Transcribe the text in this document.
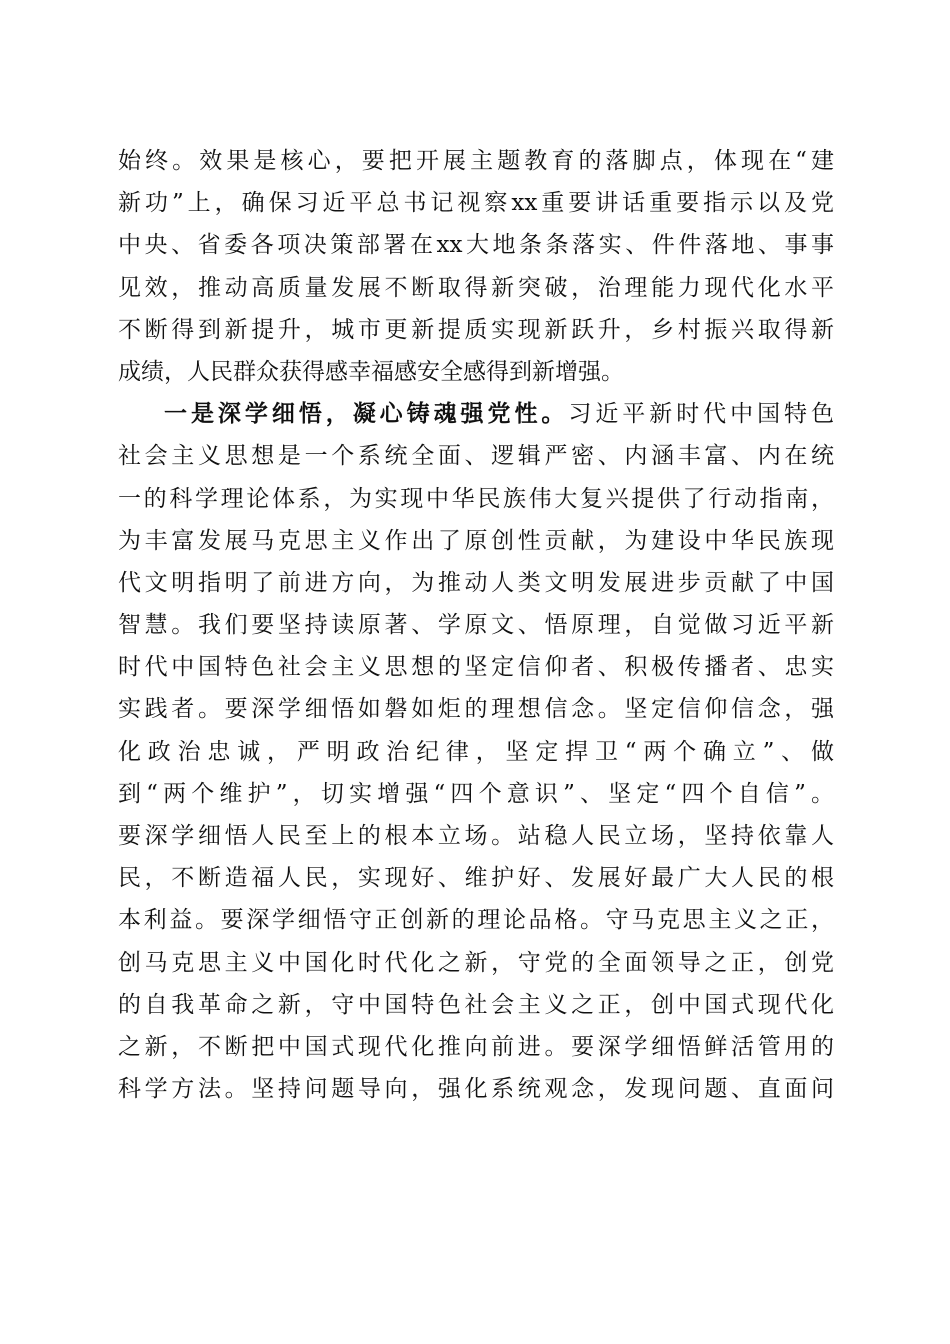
始终。效果是核心，要把开展主题教育的落脚点，体现在“建
新功”上，确保习近平总书记视察xx重要讲话重要指示以及党
中央、省委各项决策部署在xx大地条条落实、件件落地、事事
见效，推动高质量发展不断取得新突破，治理能力现代化水平
不断得到新提升，城市更新提质实现新跃升，乡村振兴取得新
成绩，人民群众获得感幸福感安全感得到新增强。
一是深学细悟，凝心铸魂强党性。习近平新时代中国特色
社会主义思想是一个系统全面、逻辑严密、内涵丰富、内在统
一的科学理论体系，为实现中华民族伟大复兴提供了行动指南，
为丰富发展马克思主义作出了原创性贡献，为建设中华民族现
代文明指明了前进方向，为推动人类文明发展进步贡献了中国
智慧。我们要坚持读原著、学原文、悟原理，自觉做习近平新
时代中国特色社会主义思想的坚定信仰者、积极传播者、忠实
实践者。要深学细悟如磐如炬的理想信念。坚定信仰信念，强
化政治忠诚，严明政治纪律，坚定捍卫“两个确立”、做
到“两个维护”，切实增强“四个意识”、坚定“四个自信”。
要深学细悟人民至上的根本立场。站稳人民立场，坚持依靠人
民，不断造福人民，实现好、维护好、发展好最广大人民的根
本利益。要深学细悟守正创新的理论品格。守马克思主义之正，
创马克思主义中国化时代化之新，守党的全面领导之正，创党
的自我革命之新，守中国特色社会主义之正，创中国式现代化
之新，不断把中国式现代化推向前进。要深学细悟鲜活管用的
科学方法。坚持问题导向，强化系统观念，发现问题、直面问
